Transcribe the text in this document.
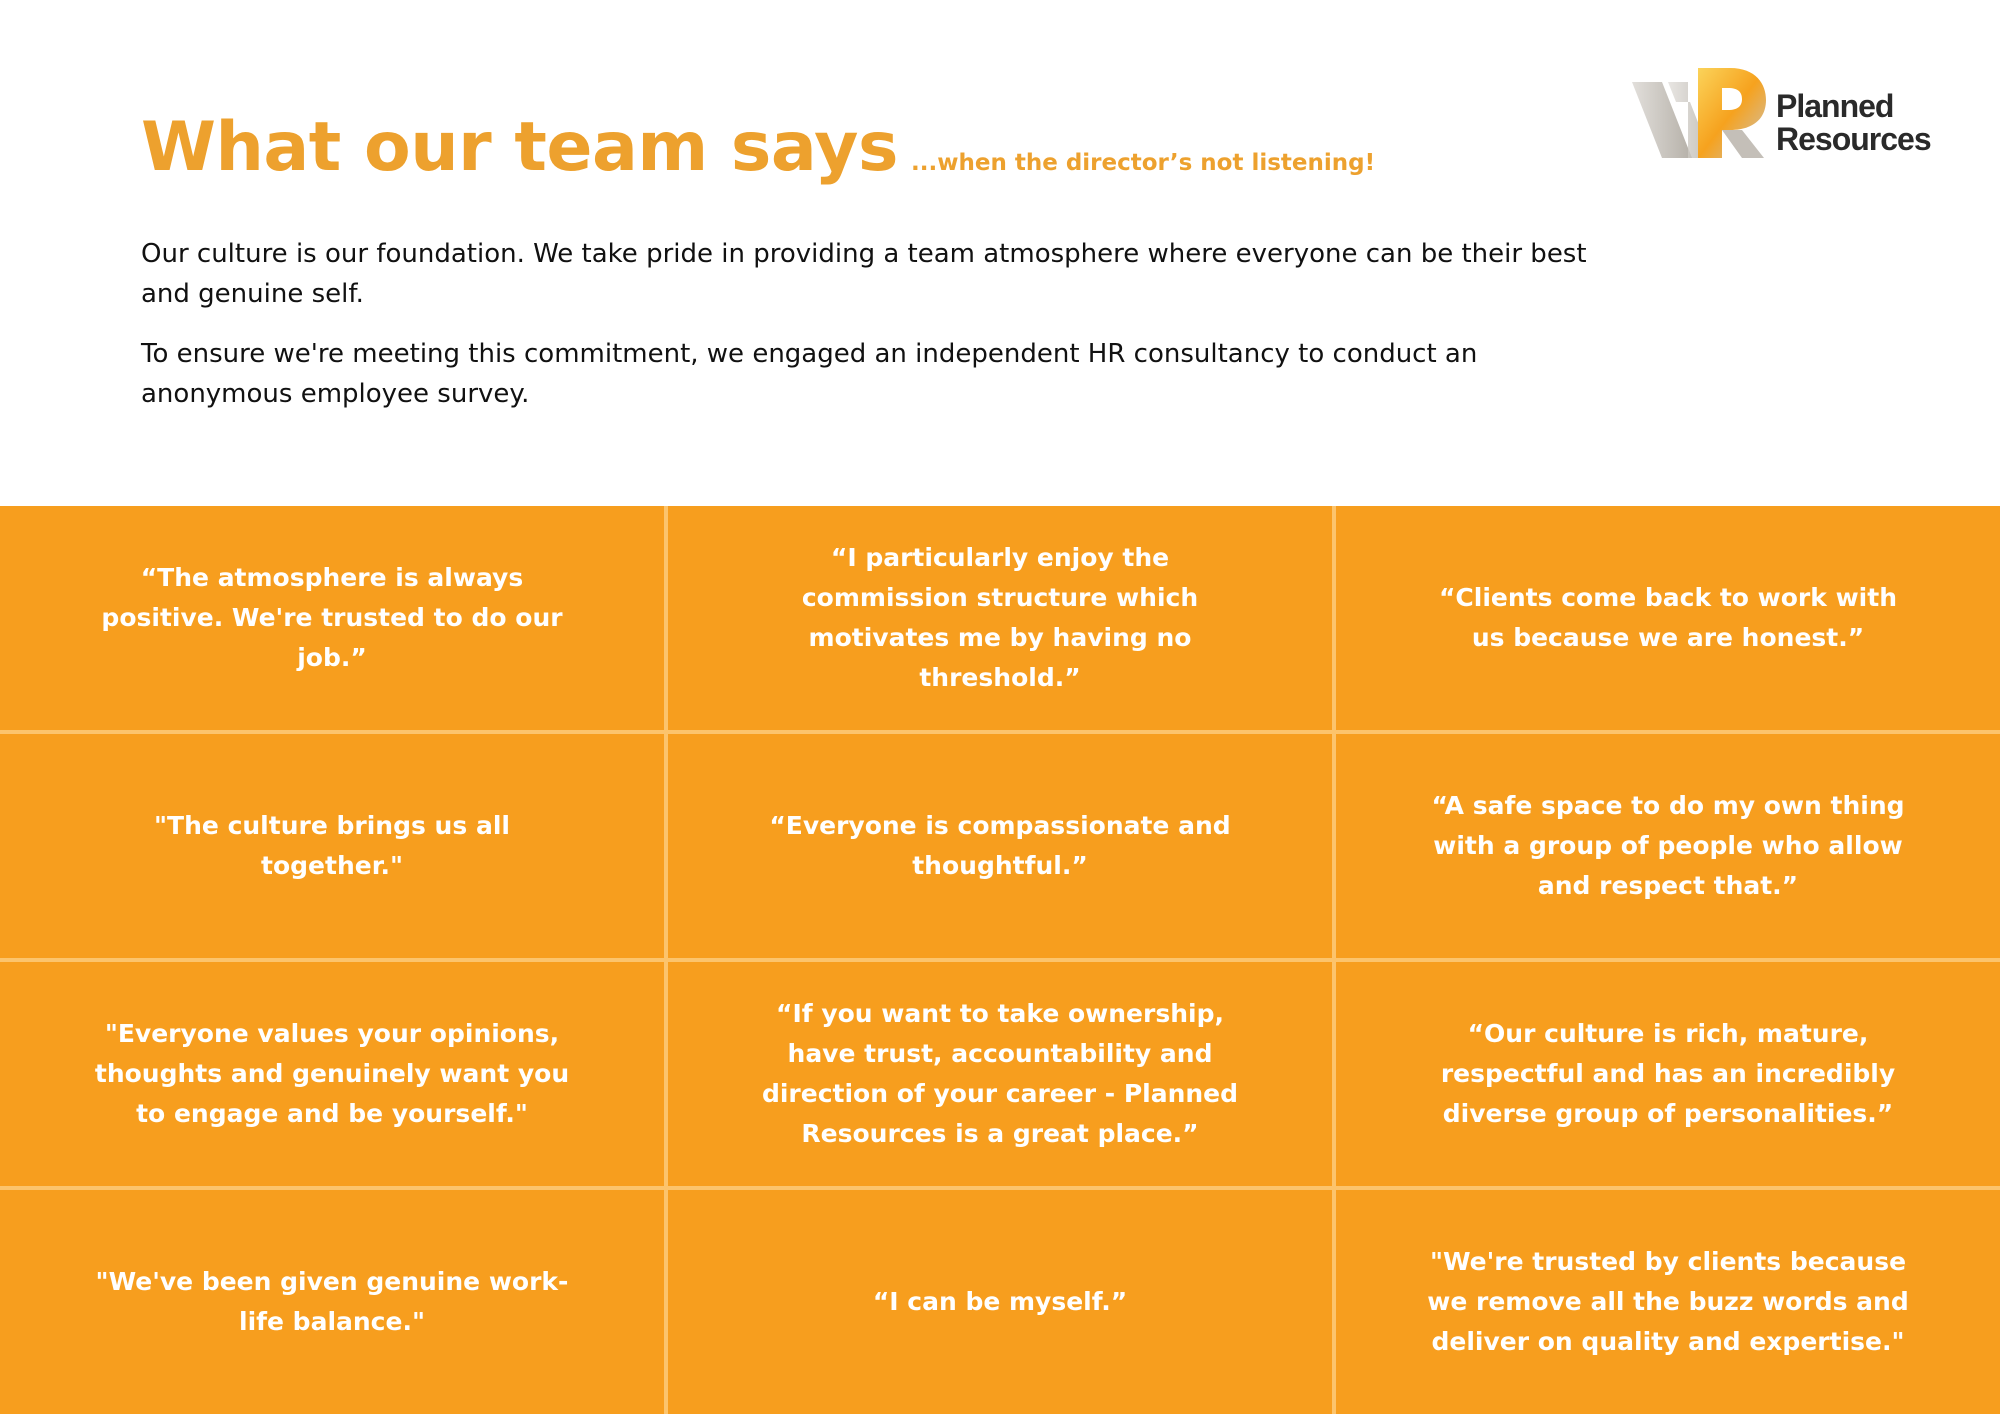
What our team says ...when the director’s not listening!

Our culture is our foundation. We take pride in providing a team atmosphere where everyone can be their best and genuine self.

To ensure we're meeting this commitment, we engaged an independent HR consultancy to conduct an anonymous employee survey.

Planned
Resources
“The atmosphere is always positive. We're trusted to do our job.”
“I particularly enjoy the commission structure which motivates me by having no threshold.”
“Clients come back to work with us because we are honest.”
"The culture brings us all together."
“Everyone is compassionate and thoughtful.”
“A safe space to do my own thing with a group of people who allow and respect that.”
"Everyone values your opinions, thoughts and genuinely want you to engage and be yourself."
“If you want to take ownership, have trust, accountability and direction of your career - Planned Resources is a great place.”
“Our culture is rich, mature, respectful and has an incredibly diverse group of personalities.”
"We've been given genuine work-life balance."
“I can be myself.”
"We're trusted by clients because we remove all the buzz words and deliver on quality and expertise."
